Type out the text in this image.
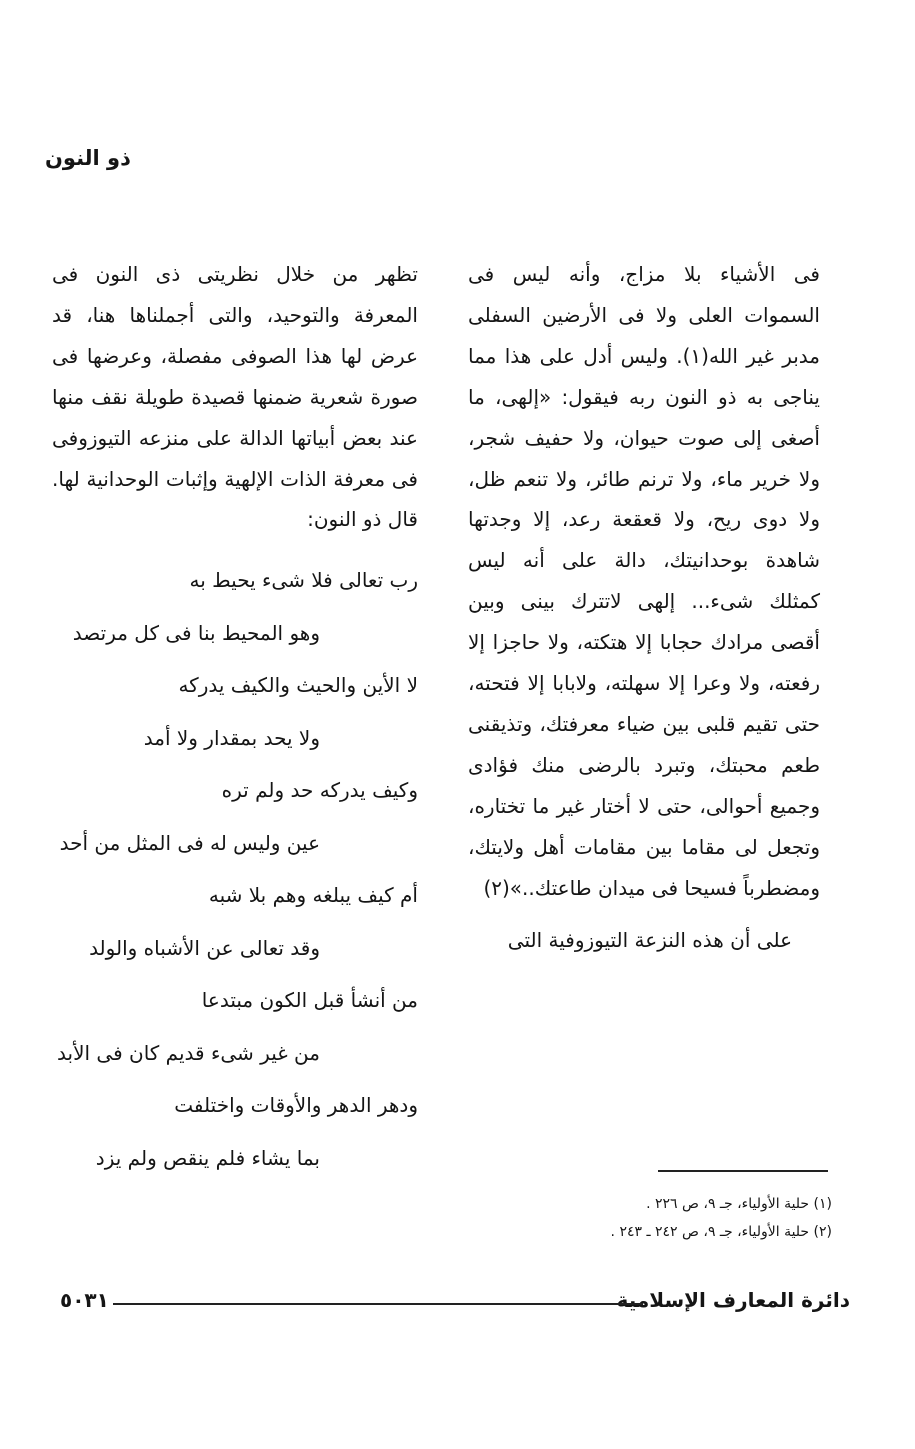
ذو النون

فى الأشياء بلا مزاج، وأنه ليس فى السموات العلى ولا فى الأرضين السفلى مدبر غير الله(١). وليس أدل على هذا مما يناجى به ذو النون ربه فيقول: «إلهى، ما أصغى إلى صوت حيوان، ولا حفيف شجر، ولا خرير ماء، ولا ترنم طائر، ولا تنعم ظل، ولا دوى ريح، ولا قعقعة رعد، إلا وجدتها شاهدة بوحدانيتك، دالة على أنه ليس كمثلك شىء... إلهى لاتترك بينى وبين أقصى مرادك حجابا إلا هتكته، ولا حاجزا إلا رفعته، ولا وعرا إلا سهلته، ولابابا إلا فتحته، حتى تقيم قلبى بين ضياء معرفتك، وتذيقنى طعم محبتك، وتبرد بالرضى منك فؤادى وجميع أحوالى، حتى لا أختار غير ما تختاره، وتجعل لى مقاما بين مقامات أهل ولايتك، ومضطرباً فسيحا فى ميدان طاعتك..»(٢)

على أن هذه النزعة التيوزوفية التى

تظهر من خلال نظريتى ذى النون فى المعرفة والتوحيد، والتى أجملناها هنا، قد عرض لها هذا الصوفى مفصلة، وعرضها فى صورة شعرية ضمنها قصيدة طويلة نقف منها عند بعض أبياتها الدالة على منزعه التيوزوفى فى معرفة الذات الإلهية وإثبات الوحدانية لها. قال ذو النون:

رب تعالى فلا شىء يحيط به
وهو المحيط بنا فى كل مرتصد
لا الأين والحيث والكيف يدركه
ولا يحد بمقدار ولا أمد
وكيف يدركه حد ولم تره
عين وليس له فى المثل من أحد
أم كيف يبلغه وهم بلا شبه
وقد تعالى عن الأشباه والولد
من أنشأ قبل الكون مبتدعا
من غير شىء قديم كان فى الأبد
ودهر الدهر والأوقات واختلفت
بما يشاء فلم ينقص ولم يزد
(١) حلية الأولياء، جـ ٩، ص ٢٢٦ .
(٢) حلية الأولياء، جـ ٩، ص ٢٤٢ ـ ٢٤٣ .
دائرة المعارف الإسلامية
٥٠٣١
